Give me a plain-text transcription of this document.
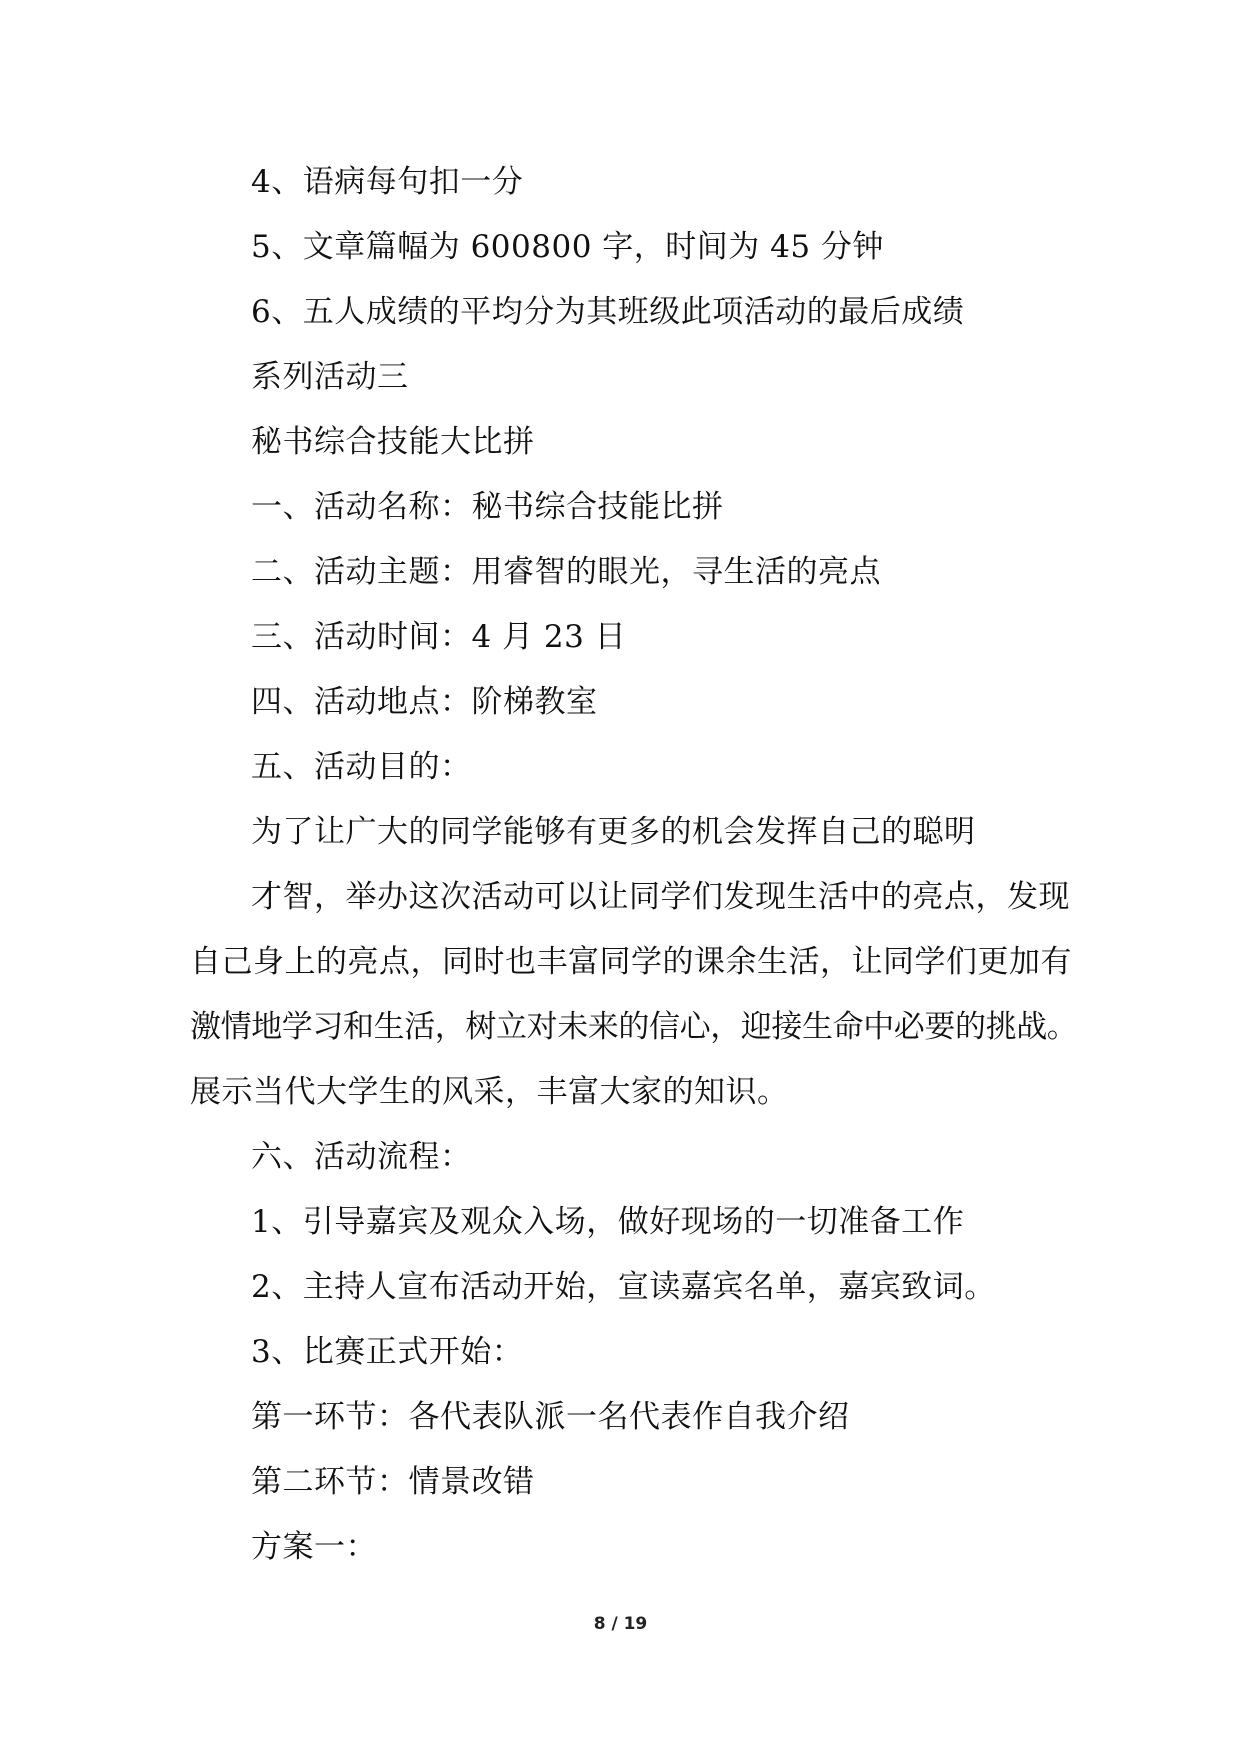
4、语病每句扣一分
5、文章篇幅为 600800 字，时间为 45 分钟
6、五人成绩的平均分为其班级此项活动的最后成绩
系列活动三
秘书综合技能大比拼
一、活动名称：秘书综合技能比拼
二、活动主题：用睿智的眼光，寻生活的亮点
三、活动时间：4 月 23 日
四、活动地点：阶梯教室
五、活动目的：
为了让广大的同学能够有更多的机会发挥自己的聪明
才智，举办这次活动可以让同学们发现生活中的亮点，发现
自己身上的亮点，同时也丰富同学的课余生活，让同学们更加有
激情地学习和生活，树立对未来的信心，迎接生命中必要的挑战。
展示当代大学生的风采，丰富大家的知识。
六、活动流程：
1、引导嘉宾及观众入场，做好现场的一切准备工作
2、主持人宣布活动开始，宣读嘉宾名单，嘉宾致词。
3、比赛正式开始：
第一环节：各代表队派一名代表作自我介绍
第二环节：情景改错
方案一：
8 / 19
